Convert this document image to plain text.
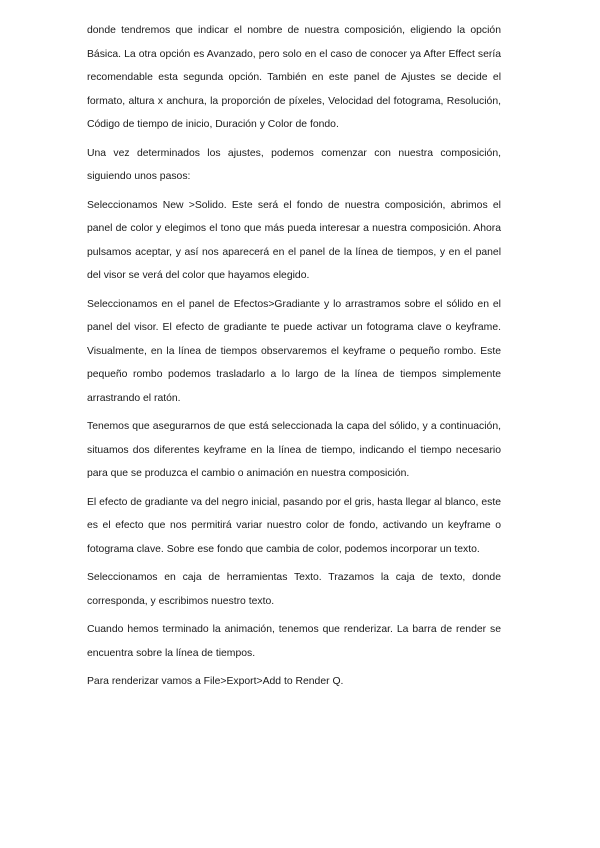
donde tendremos que indicar el nombre de nuestra composición, eligiendo la opción Básica. La otra opción es Avanzado, pero solo en el caso de conocer ya After Effect sería recomendable esta segunda opción. También en este panel de Ajustes se decide el formato, altura x anchura, la proporción de píxeles, Velocidad del fotograma, Resolución, Código de tiempo de inicio, Duración y Color de fondo.

Una vez determinados los ajustes, podemos comenzar con nuestra composición, siguiendo unos pasos:

Seleccionamos New >Solido. Este será el fondo de nuestra composición, abrimos el panel de color y elegimos el tono que más pueda interesar a nuestra composición. Ahora pulsamos aceptar, y así nos aparecerá en el panel de la línea de tiempos, y en el panel del visor se verá del color que hayamos elegido.

Seleccionamos en el panel de Efectos>Gradiante y lo arrastramos sobre el sólido en el panel del visor. El efecto de gradiante te puede activar un fotograma clave o keyframe. Visualmente, en la línea de tiempos observaremos el keyframe o pequeño rombo. Este pequeño rombo podemos trasladarlo a lo largo de la línea de tiempos simplemente arrastrando el ratón.

Tenemos que asegurarnos de que está seleccionada la capa del sólido, y a continuación, situamos dos diferentes keyframe en la línea de tiempo, indicando el tiempo necesario para que se produzca el cambio o animación en nuestra composición.

El efecto de gradiante va del negro inicial, pasando por el gris, hasta llegar al blanco, este es el efecto que nos permitirá variar nuestro color de fondo, activando un keyframe o fotograma clave. Sobre ese fondo que cambia de color, podemos incorporar un texto.

Seleccionamos en caja de herramientas Texto. Trazamos la caja de texto, donde corresponda, y escribimos nuestro texto.

Cuando hemos terminado la animación, tenemos que renderizar. La barra de render se encuentra sobre la línea de tiempos.

Para renderizar vamos a File>Export>Add to Render Q.
